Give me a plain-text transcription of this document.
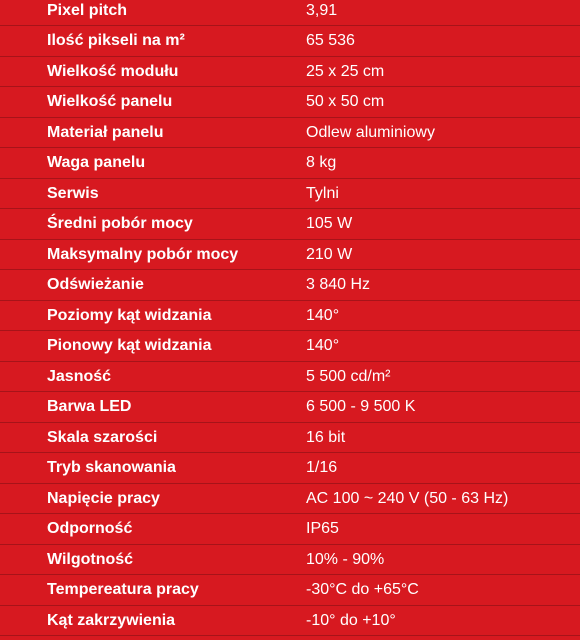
Pixel pitch	3,91
Ilość pikseli na m²	65 536
Wielkość modułu	25 x 25 cm
Wielkość panelu	50 x 50 cm
Materiał panelu	Odlew aluminiowy
Waga panelu	8 kg
Serwis	Tylni
Średni pobór mocy	105 W
Maksymalny pobór mocy	210 W
Odświeżanie	3 840 Hz
Poziomy kąt widzania	140°
Pionowy kąt widzania	140°
Jasność	5 500 cd/m²
Barwa LED	6 500 - 9 500 K
Skala szarości	16 bit
Tryb skanowania	1/16
Napięcie pracy	AC 100 ~ 240 V (50 - 63 Hz)
Odporność	IP65
Wilgotność	10% - 90%
Tempereatura pracy	-30°C do +65°C
Kąt zakrzywienia	-10° do +10°
